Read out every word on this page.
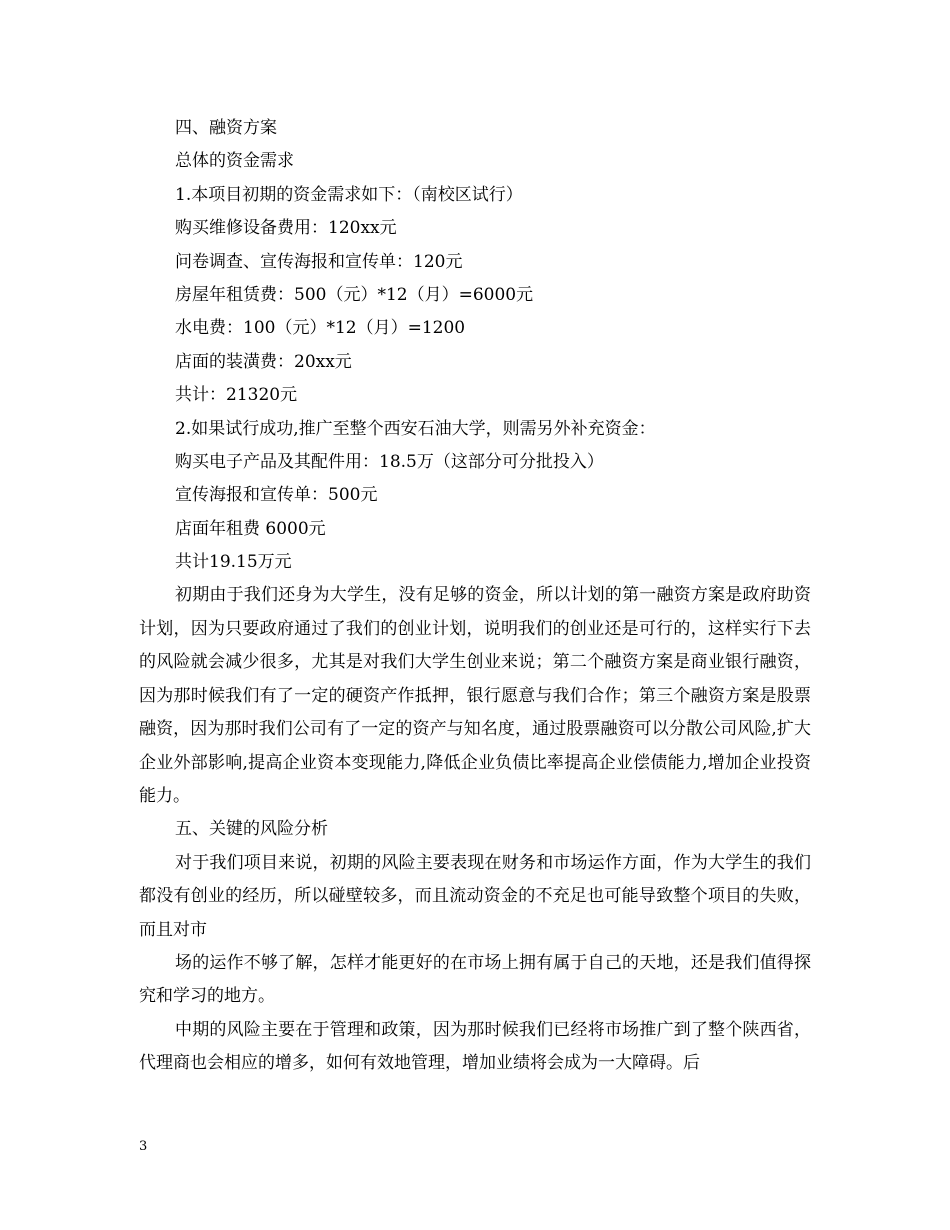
四、融资方案
总体的资金需求
1.本项目初期的资金需求如下：（南校区试行）
购买维修设备费用：120xx元
问卷调查、宣传海报和宣传单：120元
房屋年租赁费：500（元）*12（月）=6000元
水电费：100（元）*12（月）=1200
店面的装潢费：20xx元
共计：21320元
2.如果试行成功,推广至整个西安石油大学，则需另外补充资金：
购买电子产品及其配件用：18.5万（这部分可分批投入）
宣传海报和宣传单：500元
店面年租费 6000元
共计19.15万元

初期由于我们还身为大学生，没有足够的资金，所以计划的第一融资方案是政府助资计划，因为只要政府通过了我们的创业计划，说明我们的创业还是可行的，这样实行下去的风险就会减少很多，尤其是对我们大学生创业来说；第二个融资方案是商业银行融资，因为那时候我们有了一定的硬资产作抵押，银行愿意与我们合作；第三个融资方案是股票融资，因为那时我们公司有了一定的资产与知名度，通过股票融资可以分散公司风险,扩大企业外部影响,提高企业资本变现能力,降低企业负债比率提高企业偿债能力,增加企业投资能力。

五、关键的风险分析

对于我们项目来说，初期的风险主要表现在财务和市场运作方面，作为大学生的我们都没有创业的经历，所以碰壁较多，而且流动资金的不充足也可能导致整个项目的失败，而且对市

场的运作不够了解，怎样才能更好的在市场上拥有属于自己的天地，还是我们值得探究和学习的地方。

中期的风险主要在于管理和政策，因为那时候我们已经将市场推广到了整个陕西省，代理商也会相应的增多，如何有效地管理，增加业绩将会成为一大障碍。后

3
